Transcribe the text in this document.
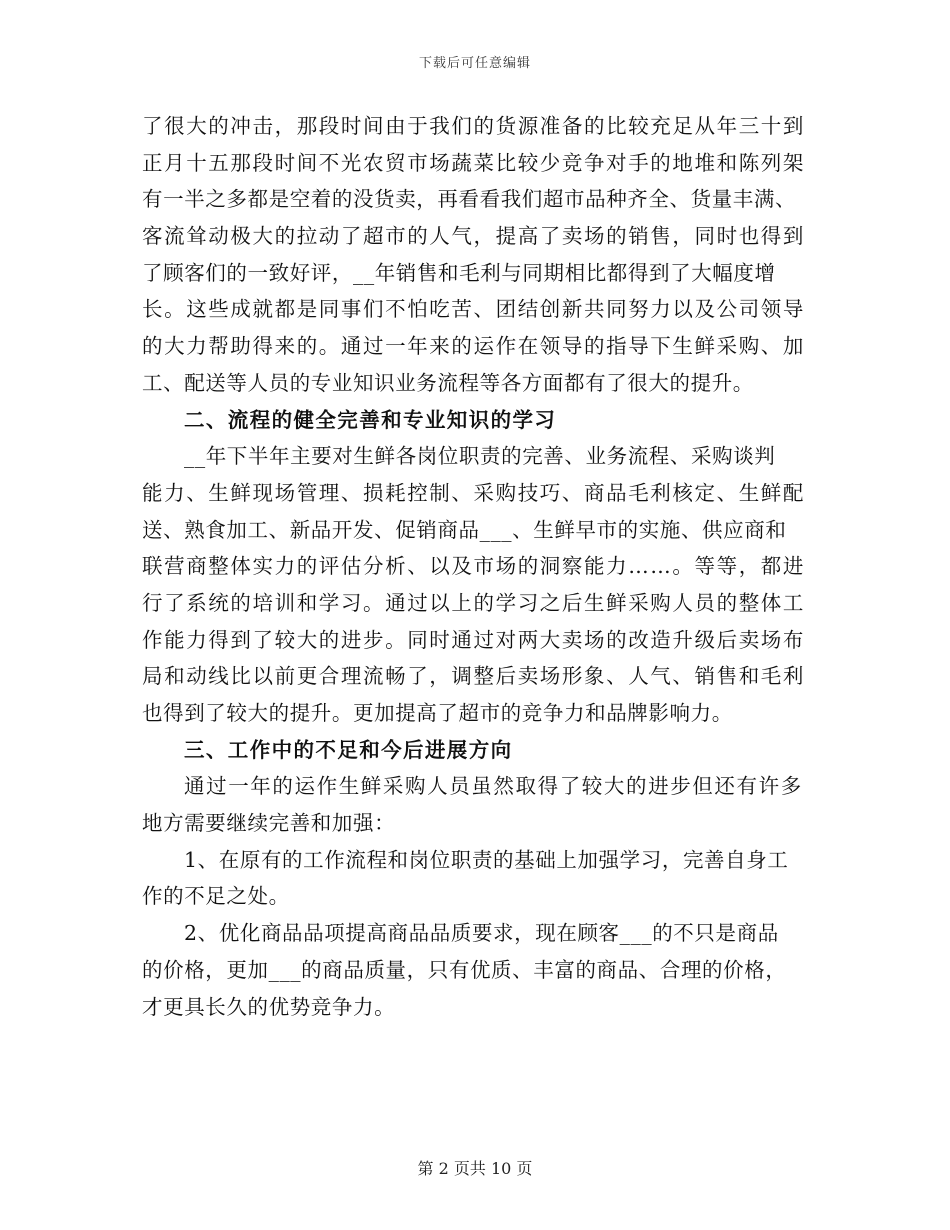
下载后可任意编辑
了很大的冲击，那段时间由于我们的货源准备的比较充足从年三十到
正月十五那段时间不光农贸市场蔬菜比较少竞争对手的地堆和陈列架
有一半之多都是空着的没货卖，再看看我们超市品种齐全、货量丰满、
客流耸动极大的拉动了超市的人气，提高了卖场的销售，同时也得到
了顾客们的一致好评，__年销售和毛利与同期相比都得到了大幅度增
长。这些成就都是同事们不怕吃苦、团结创新共同努力以及公司领导
的大力帮助得来的。通过一年来的运作在领导的指导下生鲜采购、加
工、配送等人员的专业知识业务流程等各方面都有了很大的提升。
二、流程的健全完善和专业知识的学习
__年下半年主要对生鲜各岗位职责的完善、业务流程、采购谈判
能力、生鲜现场管理、损耗控制、采购技巧、商品毛利核定、生鲜配
送、熟食加工、新品开发、促销商品___、生鲜早市的实施、供应商和
联营商整体实力的评估分析、以及市场的洞察能力……。等等，都进
行了系统的培训和学习。通过以上的学习之后生鲜采购人员的整体工
作能力得到了较大的进步。同时通过对两大卖场的改造升级后卖场布
局和动线比以前更合理流畅了，调整后卖场形象、人气、销售和毛利
也得到了较大的提升。更加提高了超市的竞争力和品牌影响力。
三、工作中的不足和今后进展方向
通过一年的运作生鲜采购人员虽然取得了较大的进步但还有许多
地方需要继续完善和加强：
1、在原有的工作流程和岗位职责的基础上加强学习，完善自身工
作的不足之处。
2、优化商品品项提高商品品质要求，现在顾客___的不只是商品
的价格，更加___的商品质量，只有优质、丰富的商品、合理的价格，
才更具长久的优势竞争力。
第 2 页共 10 页
